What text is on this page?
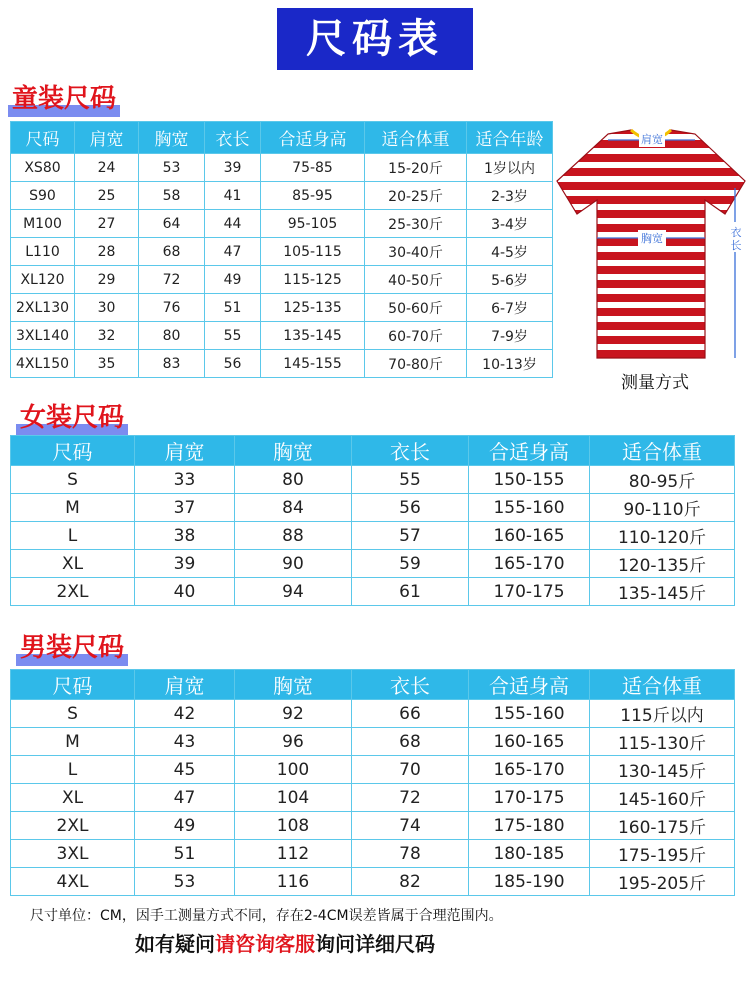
尺码表
童装尺码
尺码	肩宽	胸宽	衣长	合适身高	适合体重	适合年龄
XS80	24	53	39	75-85	15-20斤	1岁以内
S90	25	58	41	85-95	20-25斤	2-3岁
M100	27	64	44	95-105	25-30斤	3-4岁
L110	28	68	47	105-115	30-40斤	4-5岁
XL120	29	72	49	115-125	40-50斤	5-6岁
2XL130	30	76	51	125-135	50-60斤	6-7岁
3XL140	32	80	55	135-145	60-70斤	7-9岁
4XL150	35	83	56	145-155	70-80斤	10-13岁
肩宽
胸宽	衣
长
测量方式
女装尺码
尺码	肩宽	胸宽	衣长	合适身高	适合体重
S	33	80	55	150-155	80-95斤
M	37	84	56	155-160	90-110斤
L	38	88	57	160-165	110-120斤
XL	39	90	59	165-170	120-135斤
2XL	40	94	61	170-175	135-145斤
男装尺码
尺码	肩宽	胸宽	衣长	合适身高	适合体重
S	42	92	66	155-160	115斤以内
M	43	96	68	160-165	115-130斤
L	45	100	70	165-170	130-145斤
XL	47	104	72	170-175	145-160斤
2XL	49	108	74	175-180	160-175斤
3XL	51	112	78	180-185	175-195斤
4XL	53	116	82	185-190	195-205斤
尺寸单位：CM，因手工测量方式不同，存在2-4CM误差皆属于合理范围内。
如有疑问请咨询客服询问详细尺码
